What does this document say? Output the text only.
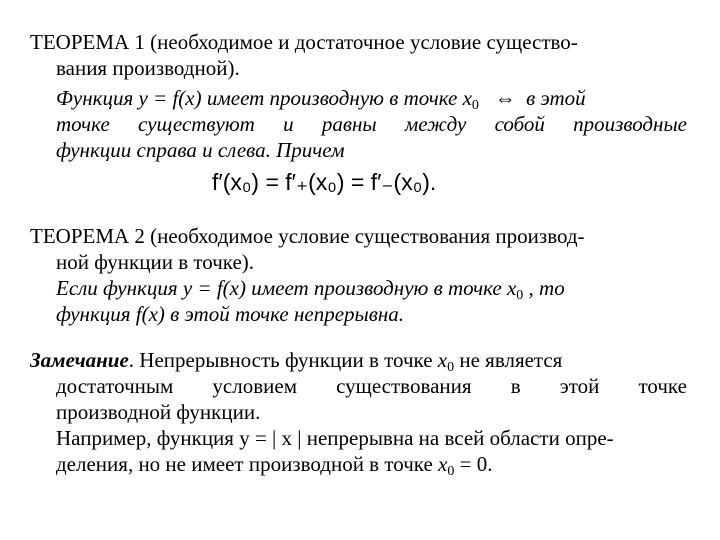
ТЕОРЕМА 1 (необходимое и достаточное условие существо-
вания производной).
Функция y = f(x) имеет производную в точке $x_0$ ⇔  в этой
точке существуют и равны между собой производные
функции справа и слева. Причем
f′(x₀) = f′₊(x₀) = f′₋(x₀).
ТЕОРЕМА 2 (необходимое условие существования производ-
ной функции в точке).
Если функция y = f(x) имеет производную в точке $x_0$ , то
функция f(x) в этой точке непрерывна.
Замечание. Непрерывность функции в точке $x_0$ не является
достаточным условием существования в этой точке
производной функции.
Например, функция y = | x | непрерывна на всей области опре-
деления, но не имеет производной в точке $x_0 = 0$.
